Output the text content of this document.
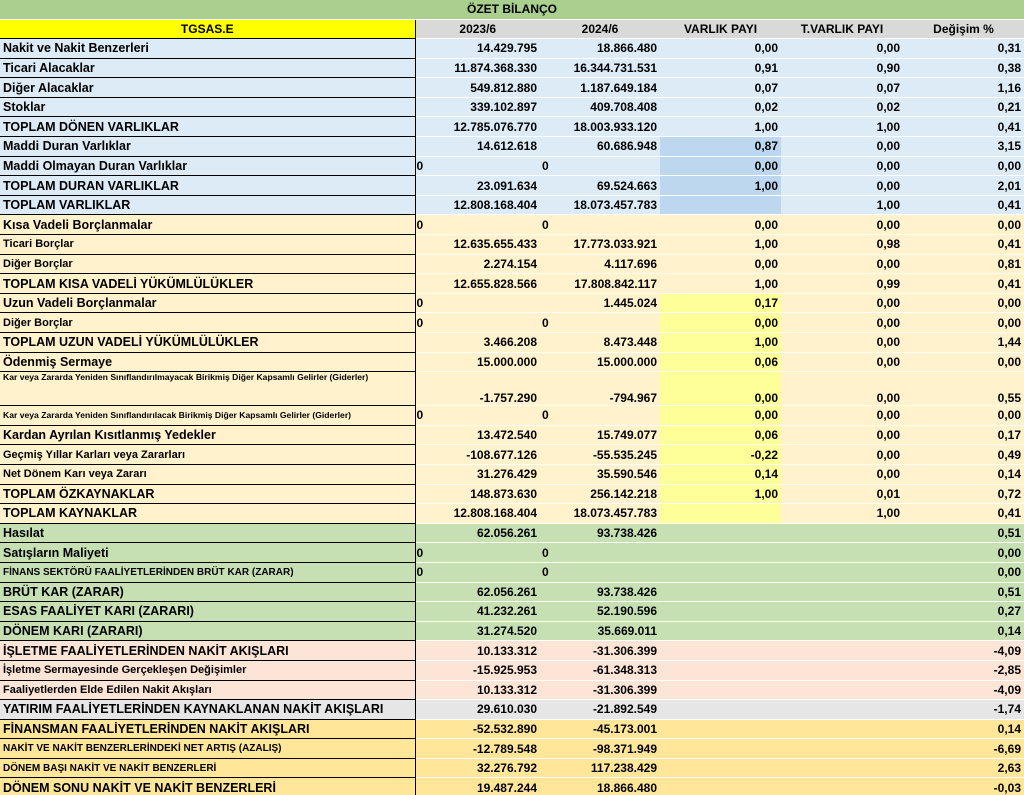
ÖZET BİLANÇO					
TGSAS.E	2023/6	2024/6	VARLIK PAYI	T.VARLIK PAYI	Değişim %
Nakit ve Nakit Benzerleri	14.429.795	18.866.480	0,00	0,00	0,31
Ticari Alacaklar	11.874.368.330	16.344.731.531	0,91	0,90	0,38
Diğer Alacaklar	549.812.880	1.187.649.184	0,07	0,07	1,16
Stoklar	339.102.897	409.708.408	0,02	0,02	0,21
TOPLAM DÖNEN VARLIKLAR	12.785.076.770	18.003.933.120	1,00	1,00	0,41
Maddi Duran Varlıklar	14.612.618	60.686.948	0,87	0,00	3,15
Maddi Olmayan Duran Varlıklar	0	0	0,00	0,00	0,00
TOPLAM DURAN VARLIKLAR	23.091.634	69.524.663	1,00	0,00	2,01
TOPLAM VARLIKLAR	12.808.168.404	18.073.457.783		1,00	0,41
Kısa Vadeli Borçlanmalar	0	0	0,00	0,00	0,00
Ticari Borçlar	12.635.655.433	17.773.033.921	1,00	0,98	0,41
Diğer Borçlar	2.274.154	4.117.696	0,00	0,00	0,81
TOPLAM KISA VADELİ YÜKÜMLÜLÜKLER	12.655.828.566	17.808.842.117	1,00	0,99	0,41
Uzun Vadeli Borçlanmalar	0	1.445.024	0,17	0,00	0,00
Diğer Borçlar	0	0	0,00	0,00	0,00
TOPLAM UZUN VADELİ YÜKÜMLÜLÜKLER	3.466.208	8.473.448	1,00	0,00	1,44
Ödenmiş Sermaye	15.000.000	15.000.000	0,06	0,00	0,00
Kar veya Zararda Yeniden Sınıflandırılmayacak Birikmiş Diğer Kapsamlı Gelirler (Giderler)	-1.757.290	-794.967	0,00	0,00	0,55
Kar veya Zararda Yeniden Sınıflandırılacak Birikmiş Diğer Kapsamlı Gelirler (Giderler)	0	0	0,00	0,00	0,00
Kardan Ayrılan Kısıtlanmış Yedekler	13.472.540	15.749.077	0,06	0,00	0,17
Geçmiş Yıllar Karları veya Zararları	-108.677.126	-55.535.245	-0,22	0,00	0,49
Net Dönem Karı veya Zararı	31.276.429	35.590.546	0,14	0,00	0,14
TOPLAM ÖZKAYNAKLAR	148.873.630	256.142.218	1,00	0,01	0,72
TOPLAM KAYNAKLAR	12.808.168.404	18.073.457.783		1,00	0,41
Hasılat	62.056.261	93.738.426			0,51
Satışların Maliyeti	0	0			0,00
FİNANS SEKTÖRÜ FAALİYETLERİNDEN BRÜT KAR (ZARAR)	0	0			0,00
BRÜT KAR (ZARAR)	62.056.261	93.738.426			0,51
ESAS FAALİYET KARI (ZARARI)	41.232.261	52.190.596			0,27
DÖNEM KARI (ZARARI)	31.274.520	35.669.011			0,14
İŞLETME FAALİYETLERİNDEN NAKİT AKIŞLARI	10.133.312	-31.306.399			-4,09
İşletme Sermayesinde Gerçekleşen Değişimler	-15.925.953	-61.348.313			-2,85
Faaliyetlerden Elde Edilen Nakit Akışları	10.133.312	-31.306.399			-4,09
YATIRIM FAALİYETLERİNDEN KAYNAKLANAN NAKİT AKIŞLARI	29.610.030	-21.892.549			-1,74
FİNANSMAN FAALİYETLERİNDEN NAKİT AKIŞLARI	-52.532.890	-45.173.001			0,14
NAKİT VE NAKİT BENZERLERİNDEKİ NET ARTIŞ (AZALIŞ)	-12.789.548	-98.371.949			-6,69
DÖNEM BAŞI NAKİT VE NAKİT BENZERLERİ	32.276.792	117.238.429			2,63
DÖNEM SONU NAKİT VE NAKİT BENZERLERİ	19.487.244	18.866.480			-0,03
